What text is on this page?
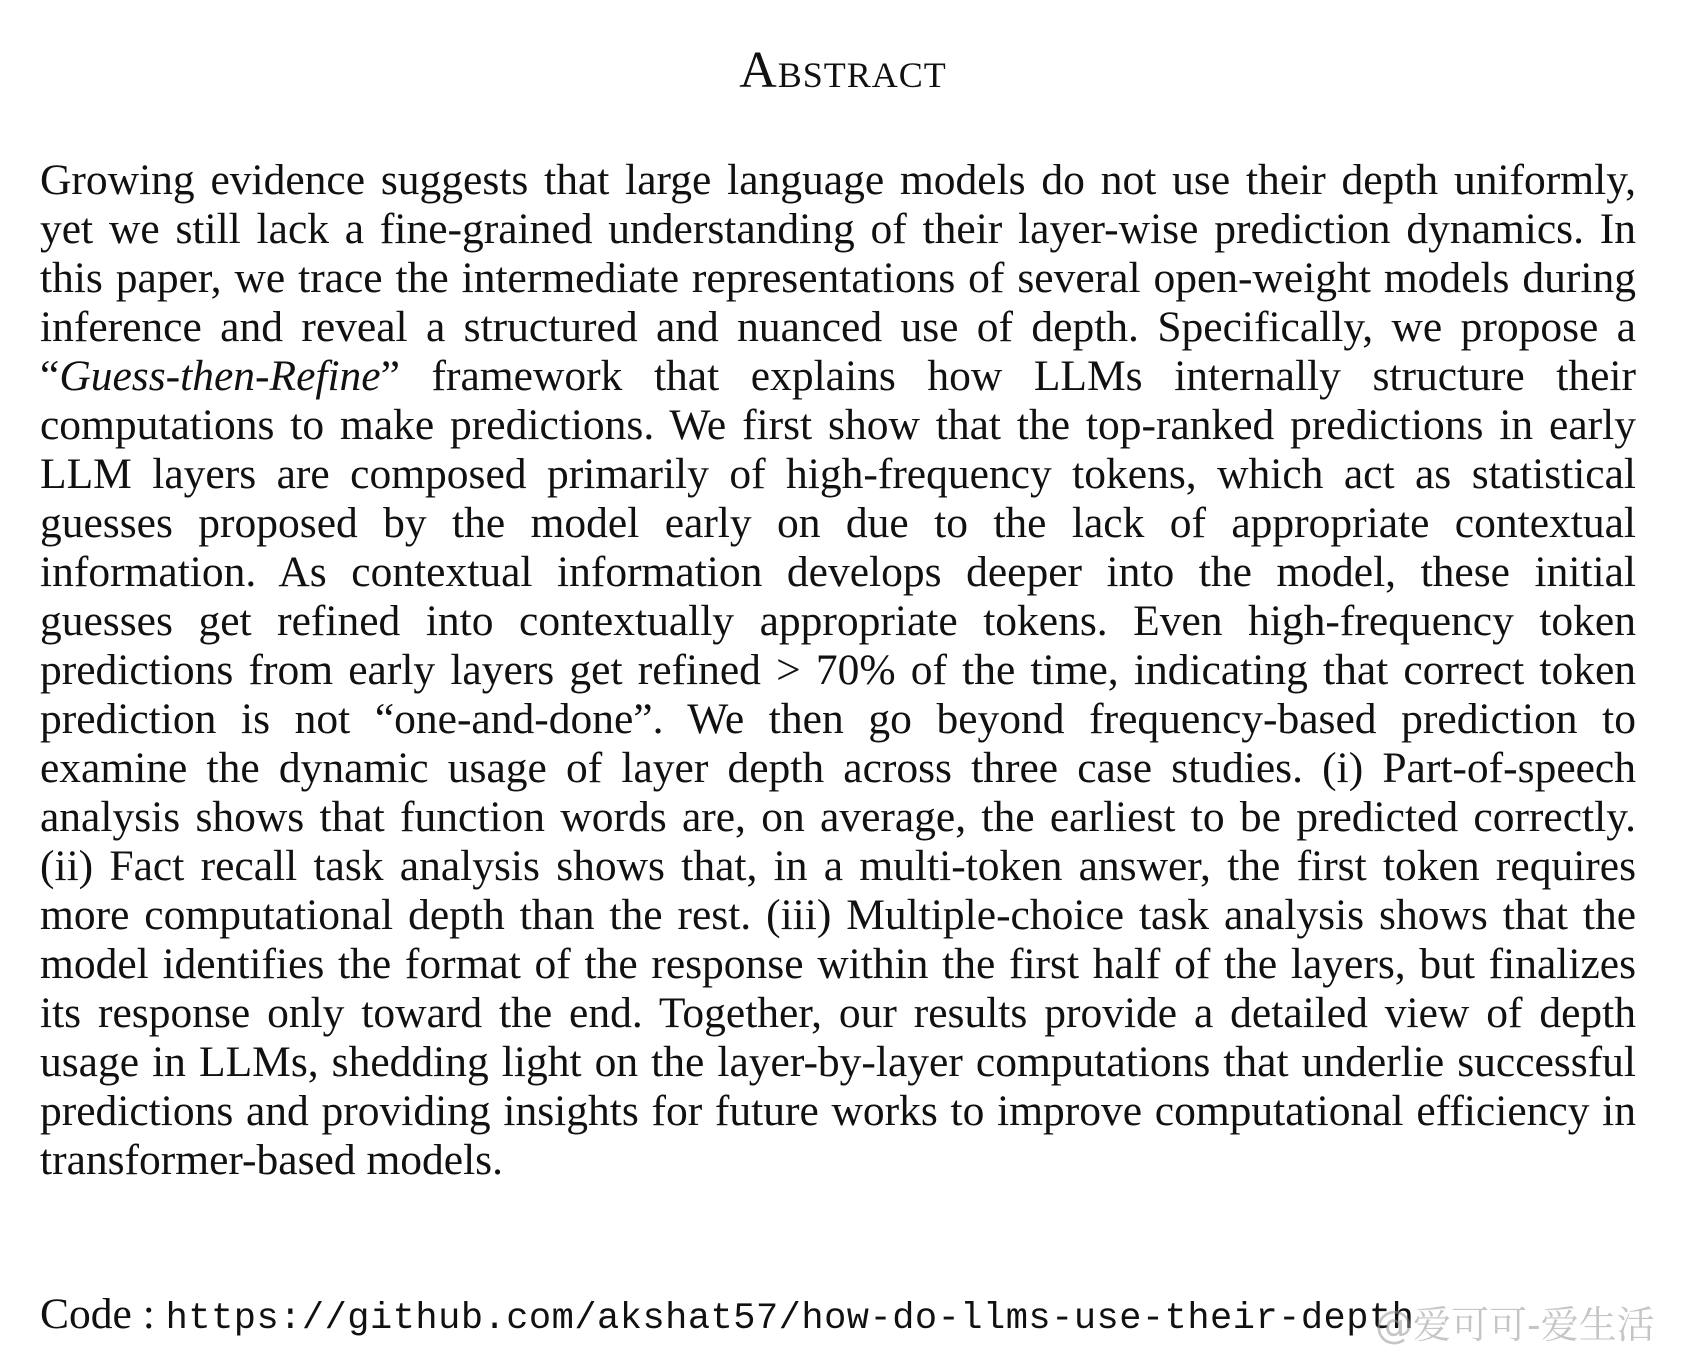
Abstract

Growing evidence suggests that large language models do not use their depth uniformly, yet we still lack a fine-grained understanding of their layer-wise prediction dynamics. In this paper, we trace the intermediate representations of several open-weight models during inference and reveal a structured and nuanced use of depth. Specifically, we propose a “Guess-then-Refine” framework that explains how LLMs internally structure their computations to make predictions. We first show that the top-ranked predictions in early LLM layers are composed primarily of high-frequency tokens, which act as statistical guesses proposed by the model early on due to the lack of appropriate contextual information. As contextual information develops deeper into the model, these initial guesses get refined into contextually appropriate tokens. Even high-frequency token predictions from early layers get refined > 70% of the time, indicating that correct token prediction is not “one-and-done”. We then go beyond frequency-based prediction to examine the dynamic usage of layer depth across three case studies. (i) Part-of-speech analysis shows that function words are, on average, the earliest to be predicted correctly. (ii) Fact recall task analysis shows that, in a multi-token answer, the first token requires more computational depth than the rest. (iii) Multiple-choice task analysis shows that the model identifies the format of the response within the first half of the layers, but finalizes its response only toward the end. Together, our results provide a detailed view of depth usage in LLMs, shedding light on the layer-by-layer computations that underlie successful predictions and providing insights for future works to improve computational efficiency in transformer-based models.

Code : https://github.com/akshat57/how-do-llms-use-their-depth
@爱可可-爱生活
